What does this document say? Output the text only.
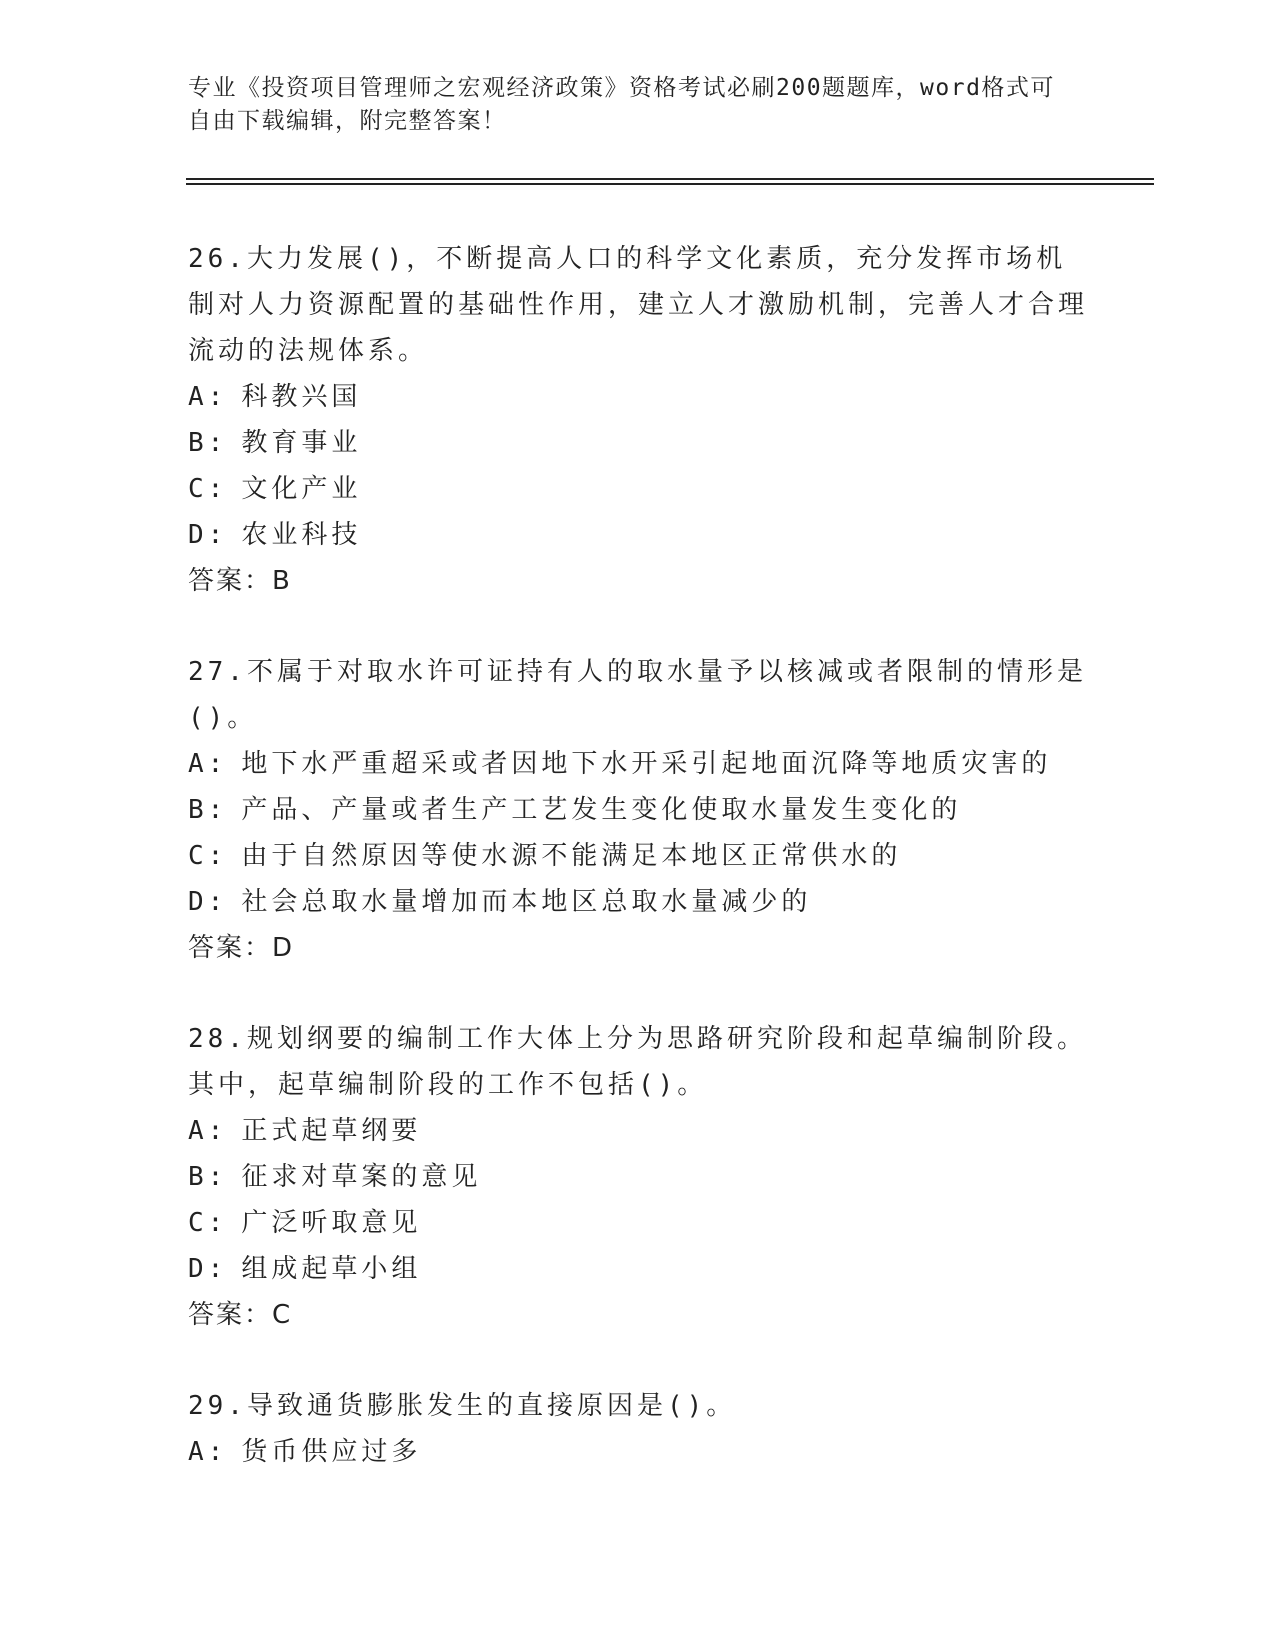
专业《投资项目管理师之宏观经济政策》资格考试必刷200题题库，word格式可自由下载编辑，附完整答案！

26.大力发展()，不断提高人口的科学文化素质，充分发挥市场机制对人力资源配置的基础性作用，建立人才激励机制，完善人才合理流动的法规体系。

A: 科教兴国

B: 教育事业

C: 文化产业

D: 农业科技

答案：B

27.不属于对取水许可证持有人的取水量予以核减或者限制的情形是()。

A: 地下水严重超采或者因地下水开采引起地面沉降等地质灾害的

B: 产品、产量或者生产工艺发生变化使取水量发生变化的

C: 由于自然原因等使水源不能满足本地区正常供水的

D: 社会总取水量增加而本地区总取水量减少的

答案：D

28.规划纲要的编制工作大体上分为思路研究阶段和起草编制阶段。其中，起草编制阶段的工作不包括()。

A: 正式起草纲要

B: 征求对草案的意见

C: 广泛听取意见

D: 组成起草小组

答案：C

29.导致通货膨胀发生的直接原因是()。

A: 货币供应过多
